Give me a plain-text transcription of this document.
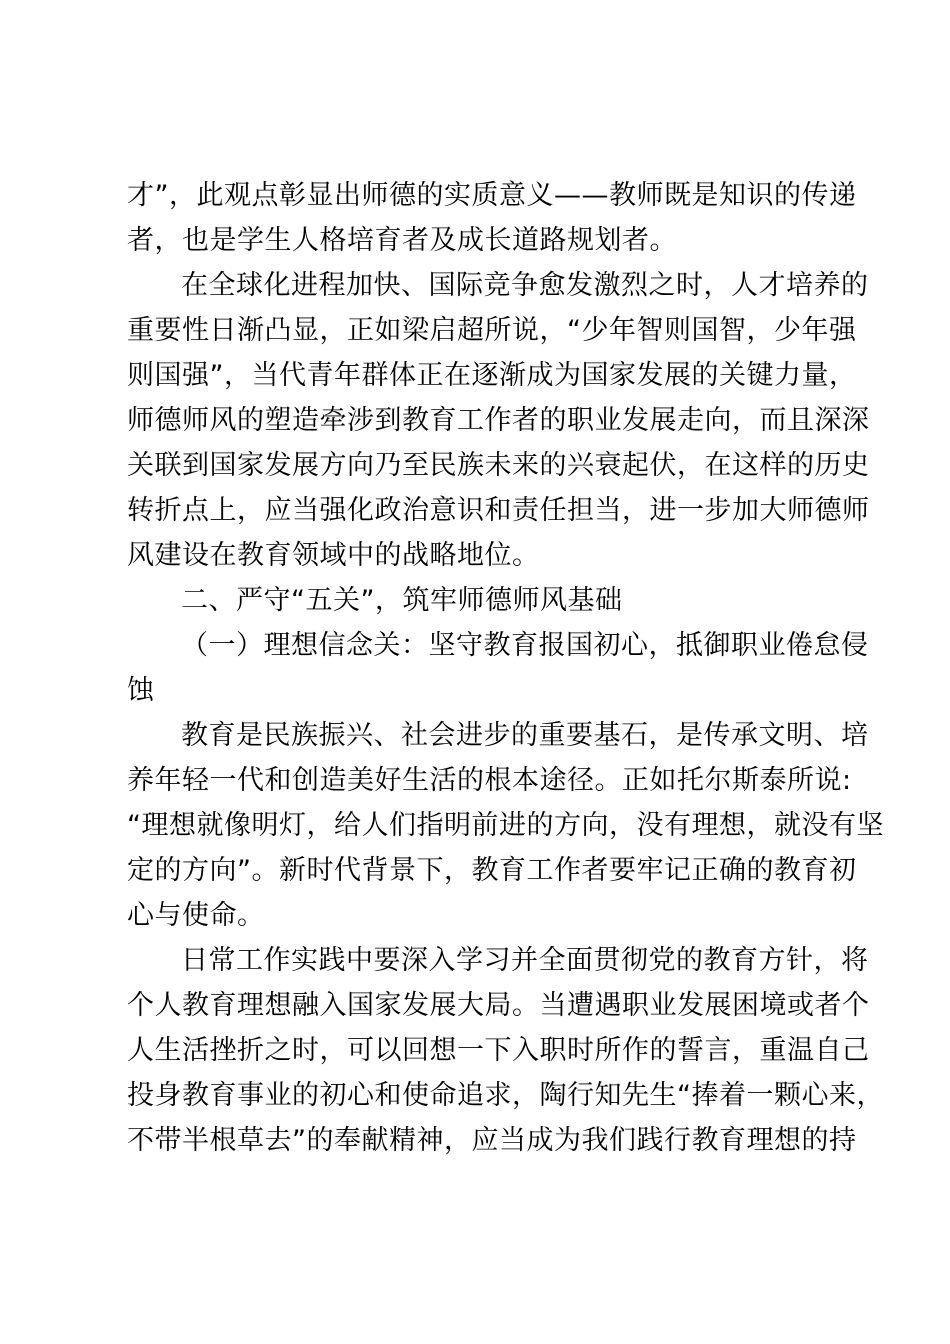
才”，此观点彰显出师德的实质意义——教师既是知识的传递
者，也是学生人格培育者及成长道路规划者。
在全球化进程加快、国际竞争愈发激烈之时，人才培养的
重要性日渐凸显，正如梁启超所说，“少年智则国智，少年强
则国强”，当代青年群体正在逐渐成为国家发展的关键力量，
师德师风的塑造牵涉到教育工作者的职业发展走向，而且深深
关联到国家发展方向乃至民族未来的兴衰起伏，在这样的历史
转折点上，应当强化政治意识和责任担当，进一步加大师德师
风建设在教育领域中的战略地位。
二、严守“五关”，筑牢师德师风基础
（一）理想信念关：坚守教育报国初心，抵御职业倦怠侵
蚀
教育是民族振兴、社会进步的重要基石，是传承文明、培
养年轻一代和创造美好生活的根本途径。正如托尔斯泰所说:
“理想就像明灯，给人们指明前进的方向，没有理想，就没有坚
定的方向”。新时代背景下，教育工作者要牢记正确的教育初
心与使命。
日常工作实践中要深入学习并全面贯彻党的教育方针，将
个人教育理想融入国家发展大局。当遭遇职业发展困境或者个
人生活挫折之时，可以回想一下入职时所作的誓言，重温自己
投身教育事业的初心和使命追求，陶行知先生“捧着一颗心来，
不带半根草去”的奉献精神，应当成为我们践行教育理想的持
